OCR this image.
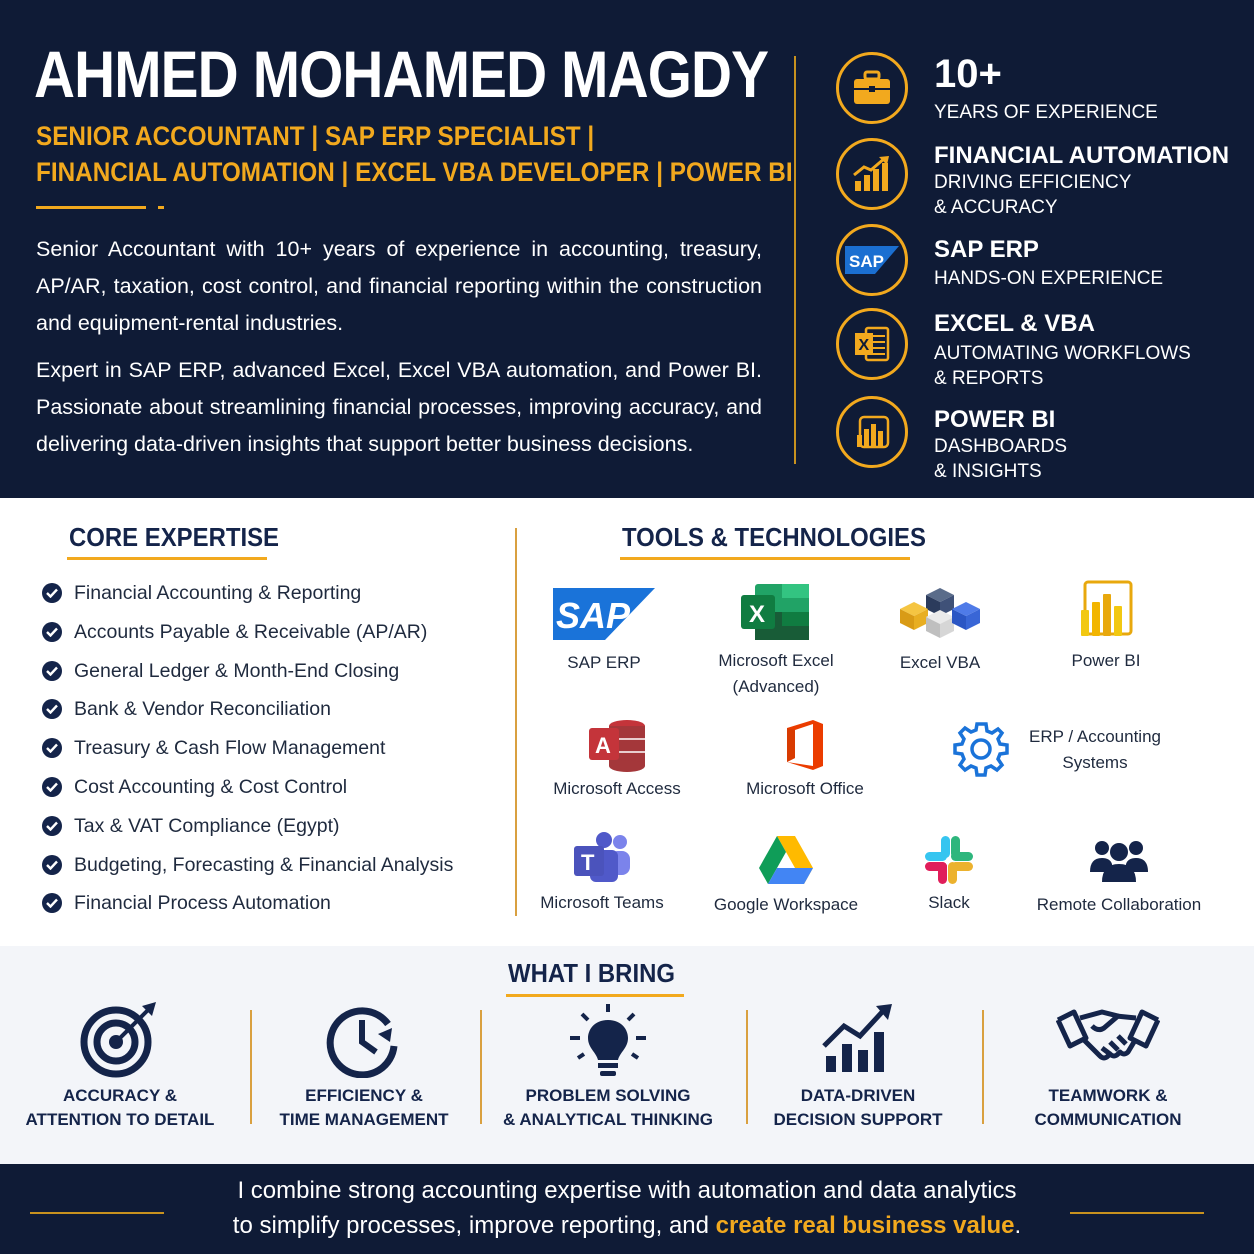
AHMED MOHAMED MAGDY
SENIOR ACCOUNTANT | SAP ERP SPECIALIST |
FINANCIAL AUTOMATION | EXCEL VBA DEVELOPER | POWER BI

Senior Accountant with 10+ years of experience in accounting, treasury, AP/AR, taxation, cost control, and financial reporting within the construction and equipment-rental industries.

Expert in SAP ERP, advanced Excel, Excel VBA automation, and Power BI. Passionate about streamlining financial processes, improving accuracy, and delivering data-driven insights that support better business decisions.

10+
YEARS OF EXPERIENCE
FINANCIAL AUTOMATION
DRIVING EFFICIENCY
& ACCURACY
SAP SAP ERP
HANDS-ON EXPERIENCE
X
EXCEL & VBA
AUTOMATING WORKFLOWS
& REPORTS
POWER BI
DASHBOARDS
& INSIGHTS
CORE EXPERTISE
Financial Accounting & Reporting
Accounts Payable & Receivable (AP/AR)
General Ledger & Month-End Closing
Bank & Vendor Reconciliation
Treasury & Cash Flow Management
Cost Accounting & Cost Control
Tax & VAT Compliance (Egypt)
Budgeting, Forecasting & Financial Analysis
Financial Process Automation
TOOLS & TECHNOLOGIES
SAP
SAP ERP
X
Microsoft Excel
(Advanced)
Excel VBA	Power BI
A
Microsoft Access	Microsoft Office
ERP / Accounting
Systems
T
Microsoft Teams	Google Workspace	Slack	Remote Collaboration
WHAT I BRING
ACCURACY &
ATTENTION TO DETAIL
EFFICIENCY &
TIME MANAGEMENT
PROBLEM SOLVING
& ANALYTICAL THINKING
DATA-DRIVEN
DECISION SUPPORT
TEAMWORK &
COMMUNICATION
I combine strong accounting expertise with automation and data analytics
to simplify processes, improve reporting, and create real business value.
